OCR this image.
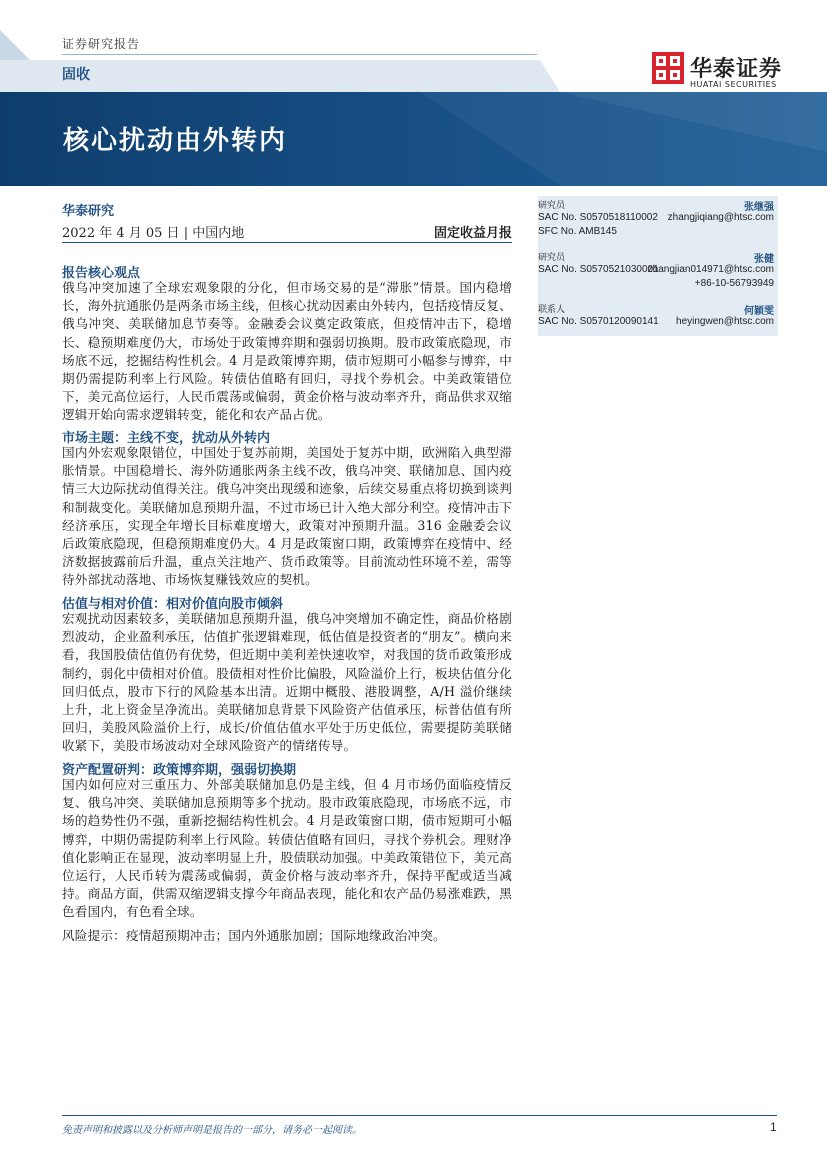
证券研究报告
固收	华泰证券
HUATAI SECURITIES
核心扰动由外转内
华泰研究
2022 年 4 月 05 日 | 中国内地	固定收益月报
研究员	张继强
SAC No. S0570518110002 zhangjiqiang@htsc.com
SFC No. AMB145
研究员	张健
SAC No. S0570521030001
zhangjian014971@htsc.com
+86-10-56793949
联系人	何颖雯
SAC No. S0570120090141 heyingwen@htsc.com
报告核心观点
俄乌冲突加速了全球宏观象限的分化，但市场交易的是“滞胀”情景。国内稳增长，海外抗通胀仍是两条市场主线，但核心扰动因素由外转内，包括疫情反复、俄乌冲突、美联储加息节奏等。金融委会议奠定政策底，但疫情冲击下，稳增长、稳预期难度仍大，市场处于政策博弈期和强弱切换期。股市政策底隐现，市场底不远，挖掘结构性机会。4 月是政策博弈期，债市短期可小幅参与博弈，中期仍需提防利率上行风险。转债估值略有回归，寻找个券机会。中美政策错位下，美元高位运行，人民币震荡或偏弱，黄金价格与波动率齐升，商品供求双缩逻辑开始向需求逻辑转变，能化和农产品占优。
市场主题：主线不变，扰动从外转内
国内外宏观象限错位，中国处于复苏前期，美国处于复苏中期，欧洲陷入典型滞胀情景。中国稳增长、海外防通胀两条主线不改，俄乌冲突、联储加息、国内疫情三大边际扰动值得关注。俄乌冲突出现缓和迹象，后续交易重点将切换到谈判和制裁变化。美联储加息预期升温，不过市场已计入绝大部分利空。疫情冲击下经济承压，实现全年增长目标难度增大，政策对冲预期升温。316 金融委会议后政策底隐现，但稳预期难度仍大。4 月是政策窗口期，政策博弈在疫情中、经济数据披露前后升温，重点关注地产、货币政策等。目前流动性环境不差，需等待外部扰动落地、市场恢复赚钱效应的契机。
估值与相对价值：相对价值向股市倾斜
宏观扰动因素较多，美联储加息预期升温，俄乌冲突增加不确定性，商品价格剧烈波动，企业盈利承压，估值扩张逻辑难现，低估值是投资者的“朋友”。横向来看，我国股债估值仍有优势，但近期中美利差快速收窄，对我国的货币政策形成制约，弱化中债相对价值。股债相对性价比偏股，风险溢价上行，板块估值分化回归低点，股市下行的风险基本出清。近期中概股、港股调整，A/H 溢价继续上升，北上资金呈净流出。美联储加息背景下风险资产估值承压，标普估值有所回归，美股风险溢价上行，成长/价值估值水平处于历史低位，需要提防美联储收紧下，美股市场波动对全球风险资产的情绪传导。
资产配置研判：政策博弈期，强弱切换期
国内如何应对三重压力、外部美联储加息仍是主线，但 4 月市场仍面临疫情反复、俄乌冲突、美联储加息预期等多个扰动。股市政策底隐现，市场底不远，市场的趋势性仍不强，重新挖掘结构性机会。4 月是政策窗口期，债市短期可小幅博弈，中期仍需提防利率上行风险。转债估值略有回归，寻找个券机会。理财净值化影响正在显现，波动率明显上升，股债联动加强。中美政策错位下，美元高位运行，人民币转为震荡或偏弱，黄金价格与波动率齐升，保持平配或适当减持。商品方面，供需双缩逻辑支撑今年商品表现，能化和农产品仍易涨难跌，黑色看国内，有色看全球。
风险提示：疫情超预期冲击；国内外通胀加剧；国际地缘政治冲突。
免责声明和披露以及分析师声明是报告的一部分，请务必一起阅读。	1
